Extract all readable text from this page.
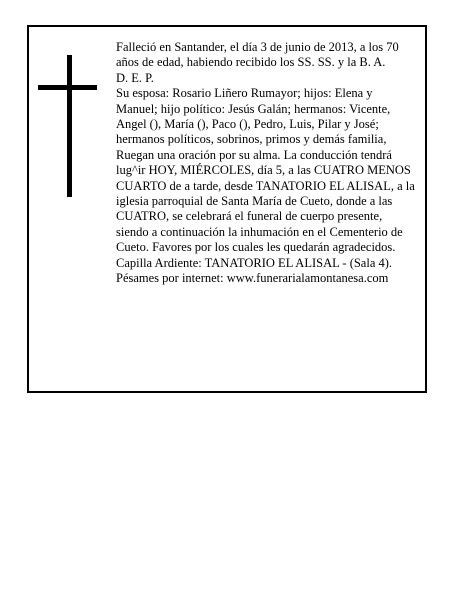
Falleció en Santander, el día 3 de junio de 2013, a los 70 años de edad, habiendo recibido los SS. SS. y la B. A.

D. E. P.

Su esposa: Rosario Liñero Rumayor; hijos: Elena y Manuel; hijo político: Jesús Galán; hermanos: Vicente, Angel (), María (), Paco (), Pedro, Luis, Pilar y José; hermanos políticos, sobrinos, primos y demás familia, Ruegan una oración por su alma. La conducción tendrá lug^ir HOY, MIÉRCOLES, día 5, a las CUATRO MENOS CUARTO de a tarde, desde TANATORIO EL ALISAL, a la iglesia parroquial de Santa María de Cueto, donde a las CUATRO, se celebrará el funeral de cuerpo presente, siendo a continuación la inhumación en el Cementerio de Cueto. Favores por los cuales les quedarán agradecidos. Capilla Ardiente: TANATORIO EL ALISAL - (Sala 4).

Pésames por internet: www.funerarialamontanesa.com
